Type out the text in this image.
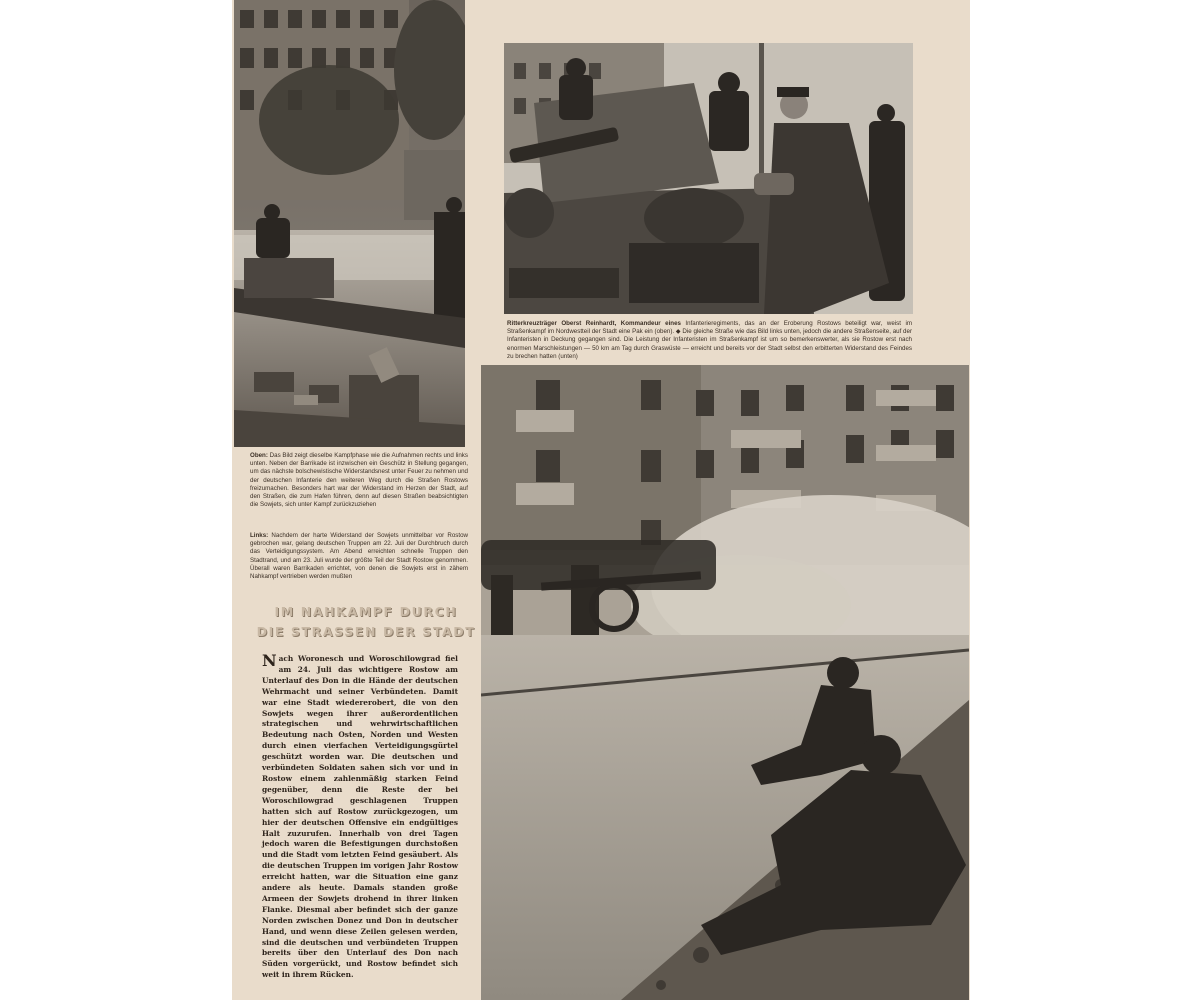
Ritterkreuzträger Oberst Reinhardt, Kommandeur eines Infanterieregiments, das an der Eroberung Rostows beteiligt war, weist im Straßenkampf im Nordwestteil der Stadt eine Pak ein (oben). ◆ Die gleiche Straße wie das Bild links unten, jedoch die andere Straßenseite, auf der Infanteristen in Deckung gegangen sind. Die Leistung der Infanteristen im Straßenkampf ist um so bemerkenswerter, als sie Rostow erst nach enormen Marschleistungen — 50 km am Tag durch Graswüste — erreicht und bereits vor der Stadt selbst den erbitterten Widerstand des Feindes zu brechen hatten (unten)
Oben: Das Bild zeigt dieselbe Kampfphase wie die Aufnahmen rechts und links unten. Neben der Barrikade ist inzwischen ein Geschütz in Stellung gegangen, um das nächste bolschewistische Widerstandsnest unter Feuer zu nehmen und der deutschen Infanterie den weiteren Weg durch die Straßen Rostows freizumachen. Besonders hart war der Widerstand im Herzen der Stadt, auf den Straßen, die zum Hafen führen, denn auf diesen Straßen beabsichtigten die Sowjets, sich unter Kampf zurückzuziehen
Links: Nachdem der harte Widerstand der Sowjets unmittelbar vor Rostow gebrochen war, gelang deutschen Truppen am 22. Juli der Durchbruch durch das Verteidigungssystem. Am Abend erreichten schnelle Truppen den Stadtrand, und am 23. Juli wurde der größte Teil der Stadt Rostow genommen. Überall waren Barrikaden errichtet, von denen die Sowjets erst in zähem Nahkampf vertrieben werden mußten
IM NAHKAMPF DURCH
DIE STRASSEN DER STADT
Nach Woronesch und Woroschilowgrad fiel am 24. Juli das wichtigere Rostow am Unterlauf des Don in die Hände der deutschen Wehrmacht und seiner Verbündeten. Damit war eine Stadt wiedererobert, die von den Sowjets wegen ihrer außerordentlichen strategischen und wehrwirtschaftlichen Bedeutung nach Osten, Norden und Westen durch einen vierfachen Verteidigungsgürtel geschützt worden war. Die deutschen und verbündeten Soldaten sahen sich vor und in Rostow einem zahlenmäßig starken Feind gegenüber, denn die Reste der bei Woroschilowgrad geschlagenen Truppen hatten sich auf Rostow zurückgezogen, um hier der deutschen Offensive ein endgültiges Halt zuzurufen. Innerhalb von drei Tagen jedoch waren die Befestigungen durchstoßen und die Stadt vom letzten Feind gesäubert. Als die deutschen Truppen im vorigen Jahr Rostow erreicht hatten, war die Situation eine ganz andere als heute. Damals standen große Armeen der Sowjets drohend in ihrer linken Flanke. Diesmal aber befindet sich der ganze Norden zwischen Donez und Don in deutscher Hand, und wenn diese Zeilen gelesen werden, sind die deutschen und verbündeten Truppen bereits über den Unterlauf des Don nach Süden vorgerückt, und Rostow befindet sich weit in ihrem Rücken.
